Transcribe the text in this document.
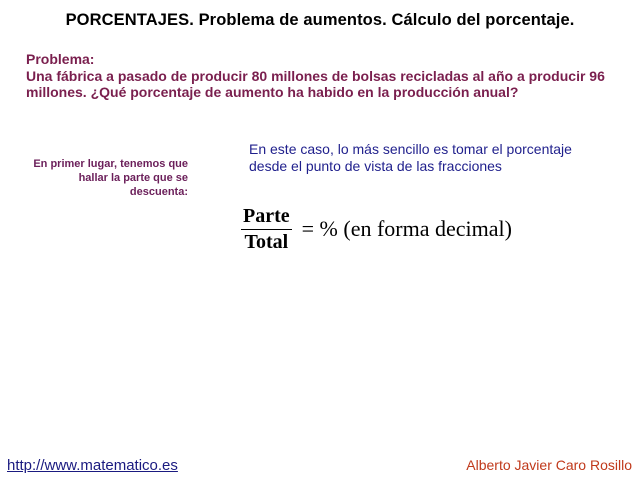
PORCENTAJES. Problema de aumentos. Cálculo del porcentaje.
Problema:
Una fábrica a pasado de producir 80 millones de bolsas recicladas al año a producir 96 millones. ¿Qué porcentaje de aumento ha habido en la producción anual?
En primer lugar, tenemos que hallar la parte que se descuenta:
En este caso, lo más sencillo es tomar el porcentaje desde el punto de vista de las fracciones
$\frac{\text{Parte}}{\text{Total}}$ = % (en forma decimal)
http://www.matematico.es	Alberto Javier Caro Rosillo
